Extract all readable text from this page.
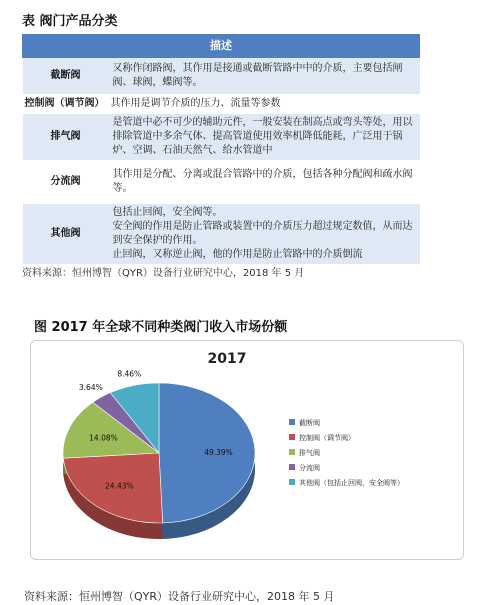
表 阀门产品分类
描述	
截断阀	又称作闭路阀，其作用是接通或截断管路中中的介质，主要包括闸阀、球阀，蝶阀等。
控制阀（调节阀） 其作用是调节介质的压力、流量等参数	
排气阀	是管道中必不可少的辅助元件，一般安装在制高点或弯头等处，用以排除管道中多余气体、提高管道使用效率机降低能耗，广泛用于锅炉、空调、石油天然气、给水管道中
分流阀	其作用是分配、分离或混合管路中的介质，包括各种分配阀和疏水阀等。
其他阀	包括止回阀，安全阀等。
安全阀的作用是防止管路或装置中的介质压力超过规定数值，从而达到安全保护的作用。
止回阀，又称逆止阀，他的作用是防止管路中的介质倒流
资料来源：恒州博智（QYR）设备行业研究中心，2018 年 5 月
图 2017 年全球不同种类阀门收入市场份额
2017
49.39%
24.43%
14.08%
3.64%
8.46%
截断阀
控制阀（调节阀）
排气阀
分流阀
其他阀（包括止回阀，安全阀等）
资料来源：恒州博智（QYR）设备行业研究中心，2018 年 5 月
